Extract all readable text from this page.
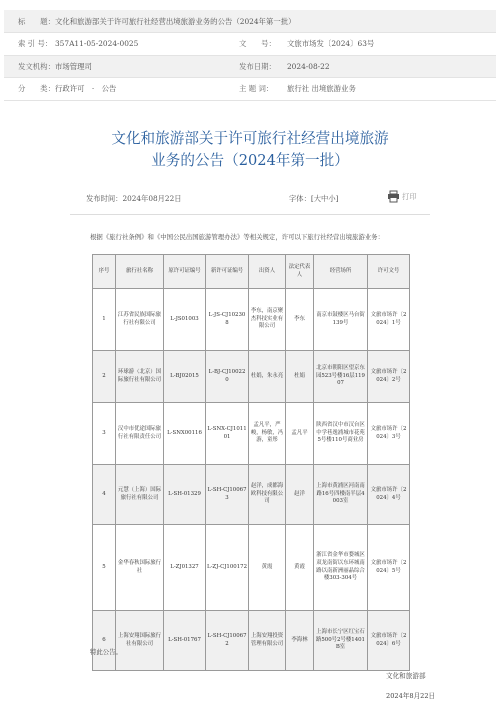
标　　题：	文化和旅游部关于许可旅行社经营出境旅游业务的公告（2024年第一批）		
索 引 号：	357A11-05-2024-0025	文　　号：	文旅市场发〔2024〕63号
发文机构：	市场管理司	发布日期：	2024-08-22
分　　类：	行政许可　·　公告	主 题 词：	旅行社 出境旅游业务
文化和旅游部关于许可旅行社经营出境旅游
业务的公告（2024年第一批）
发布时间：2024年08月22日	字体：[大中小]	打印
根据《旅行社条例》和《中国公民出国旅游管理办法》等相关规定，许可以下旅行社经营出境旅游业务：
序号	旅行社名称	原许可证编号	新许可证编号	出资人	法定代表人	经营场所	许可文号
1	江苏省民族国际旅行社有限公司	L-JS01003	L-JS-CJ102308	李东，南京聚杰科技实业有限公司	李东	南京市鼓楼区马台街139号	文旅市场许〔2024〕1号
2	环球游（北京）国际旅行社有限公司	L-BJ02015	L-BJ-CJ100220	杜娟，朱永亮	杜娟	北京市朝阳区望京东园523号楼16层11907	文旅市场许〔2024〕2号
3	汉中市优途国际旅行社有限责任公司	L-SNX00116	L-SNX-CJ101101	孟凡平，严峻，杨敏，冯游，童彤	孟凡平	陕西省汉中市汉台区中学巷逸浦城市花苑5号楼110号商业房	文旅市场许〔2024〕3号
4	元慧（上海）国际旅行社有限公司	L-SH-01329	L-SH-CJ100673	赵洋，成都海欧科技有限公司	赵洋	上海市黄浦区河南南路16号四楼南半层4003室	文旅市场许〔2024〕4号
5	金华春秋国际旅行社	L-ZJ01327	L-ZJ-CJ100172	黄霞	黄霞	浙江省金华市婺城区双龙南街以东环城南路以南新洲丽晶综合楼303-304号	文旅市场许〔2024〕5号
6	上海安翔国际旅行社有限公司	L-SH-01767	L-SH-CJ100672	上海安翔投资管理有限公司	李海林	上海市长宁区红宝石路500号2号楼1401B室	文旅市场许〔2024〕6号
特此公告。
文化和旅游部
2024年8月22日
